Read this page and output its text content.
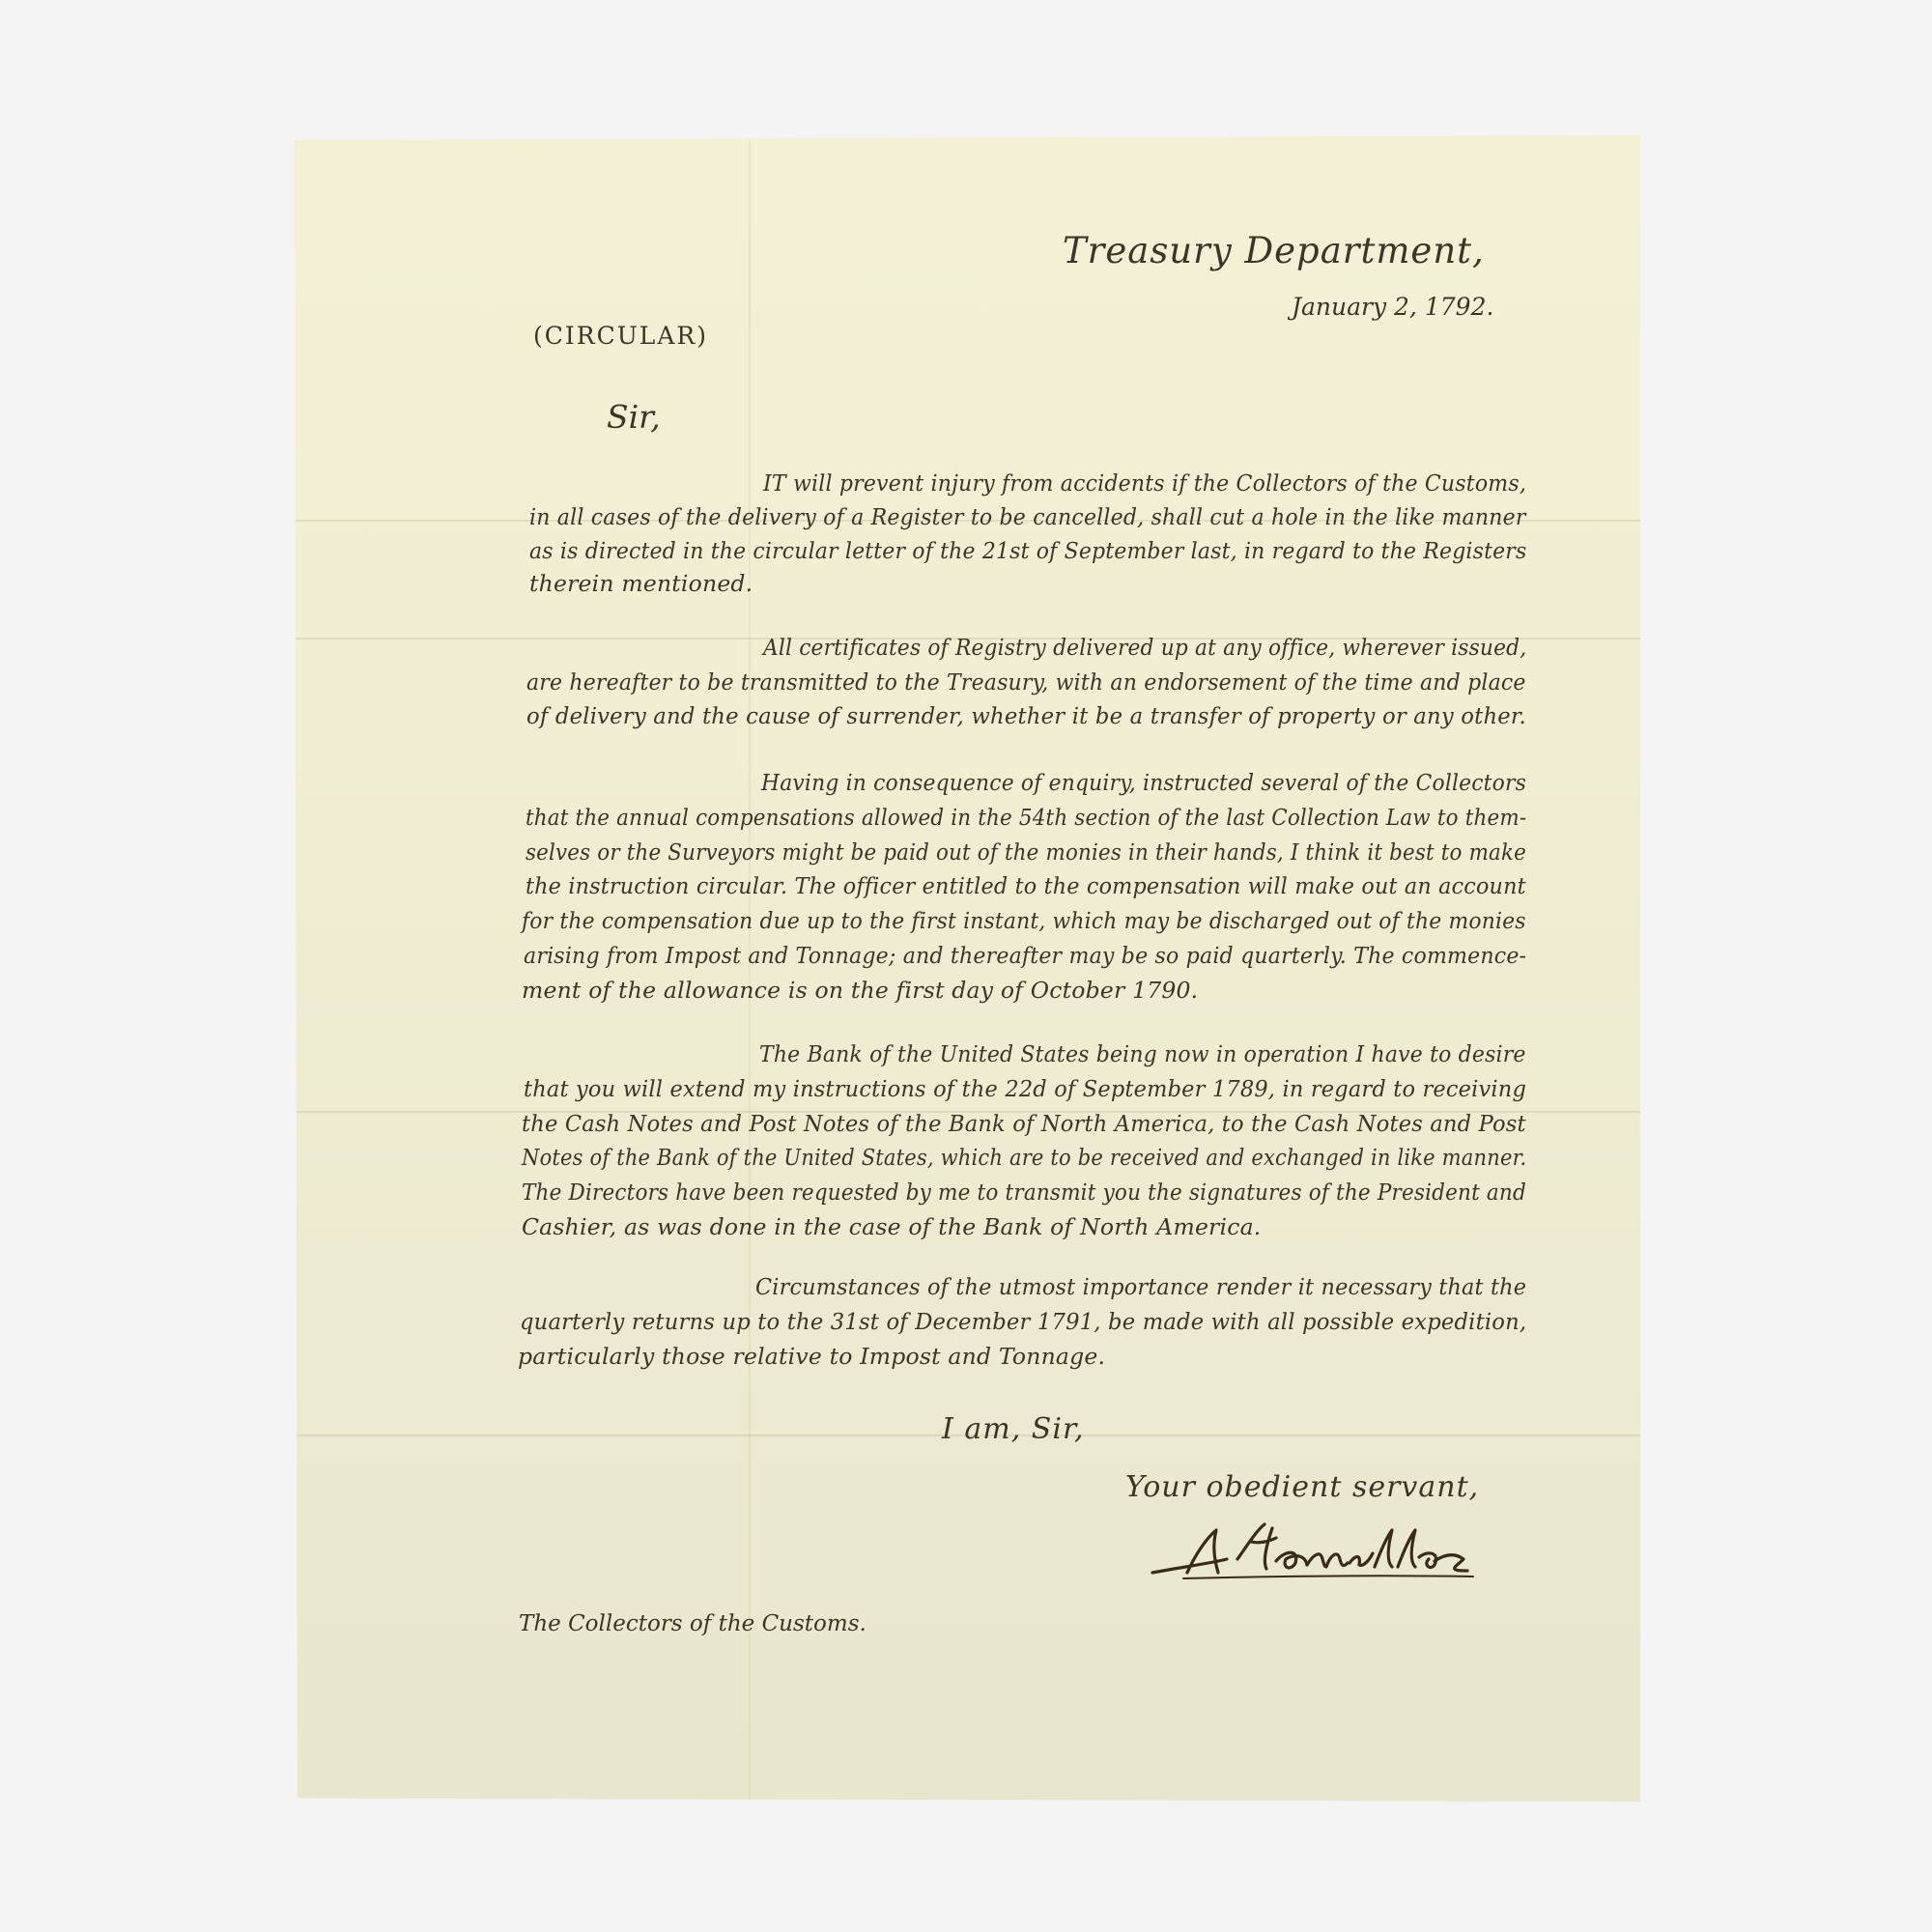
Treasury Department,
January 2, 1792.
(CIRCULAR)
Sir,
IT will prevent injury from accidents if the Collectors of the Customs,
in all cases of the delivery of a Register to be cancelled, shall cut a hole in the like manner
as is directed in the circular letter of the 21st of September last, in regard to the Registers
therein mentioned.
All certificates of Registry delivered up at any office, wherever issued,
are hereafter to be transmitted to the Treasury, with an endorsement of the time and place
of delivery and the cause of surrender, whether it be a transfer of property or any other.
Having in consequence of enquiry, instructed several of the Collectors
that the annual compensations allowed in the 54th section of the last Collection Law to them-
selves or the Surveyors might be paid out of the monies in their hands, I think it best to make
the instruction circular. The officer entitled to the compensation will make out an account
for the compensation due up to the first instant, which may be discharged out of the monies
arising from Impost and Tonnage; and thereafter may be so paid quarterly. The commence-
ment of the allowance is on the first day of October 1790.
The Bank of the United States being now in operation I have to desire
that you will extend my instructions of the 22d of September 1789, in regard to receiving
the Cash Notes and Post Notes of the Bank of North America, to the Cash Notes and Post
Notes of the Bank of the United States, which are to be received and exchanged in like manner.
The Directors have been requested by me to transmit you the signatures of the President and
Cashier, as was done in the case of the Bank of North America.
Circumstances of the utmost importance render it necessary that the
quarterly returns up to the 31st of December 1791, be made with all possible expedition,
particularly those relative to Impost and Tonnage.
I am, Sir,
Your obedient servant,
The Collectors of the Customs.
